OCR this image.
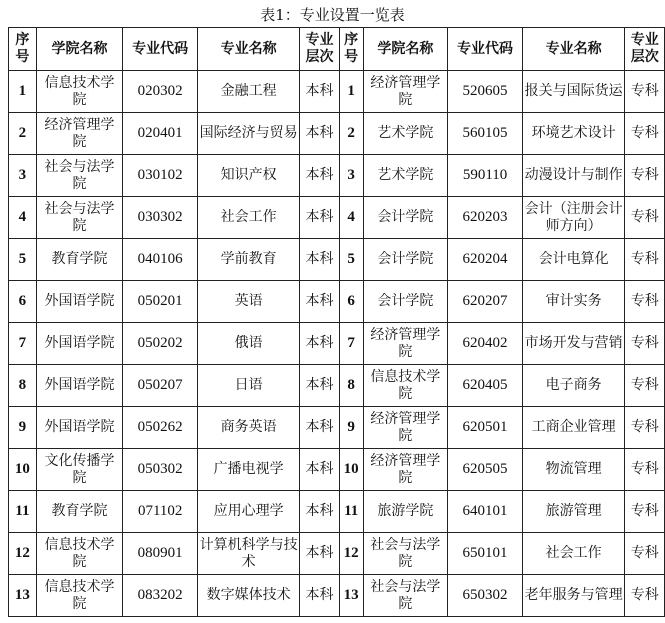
表1：专业设置一览表
序号	学院名称	专业代码	专业名称	专业层次	序号	学院名称	专业代码	专业名称	专业层次
1	信息技术学院	020302	金融工程	本科	1	经济管理学院	520605	报关与国际货运	专科
2	经济管理学院	020401	国际经济与贸易	本科	2	艺术学院	560105	环境艺术设计	专科
3	社会与法学院	030102	知识产权	本科	3	艺术学院	590110	动漫设计与制作	专科
4	社会与法学院	030302	社会工作	本科	4	会计学院	620203	会计（注册会计师方向）	专科
5	教育学院	040106	学前教育	本科	5	会计学院	620204	会计电算化	专科
6	外国语学院	050201	英语	本科	6	会计学院	620207	审计实务	专科
7	外国语学院	050202	俄语	本科	7	经济管理学院	620402	市场开发与营销	专科
8	外国语学院	050207	日语	本科	8	信息技术学院	620405	电子商务	专科
9	外国语学院	050262	商务英语	本科	9	经济管理学院	620501	工商企业管理	专科
10	文化传播学院	050302	广播电视学	本科	10	经济管理学院	620505	物流管理	专科
11	教育学院	071102	应用心理学	本科	11	旅游学院	640101	旅游管理	专科
12	信息技术学院	080901	计算机科学与技术	本科	12	社会与法学院	650101	社会工作	专科
13	信息技术学院	083202	数字媒体技术	本科	13	社会与法学院	650302	老年服务与管理	专科
